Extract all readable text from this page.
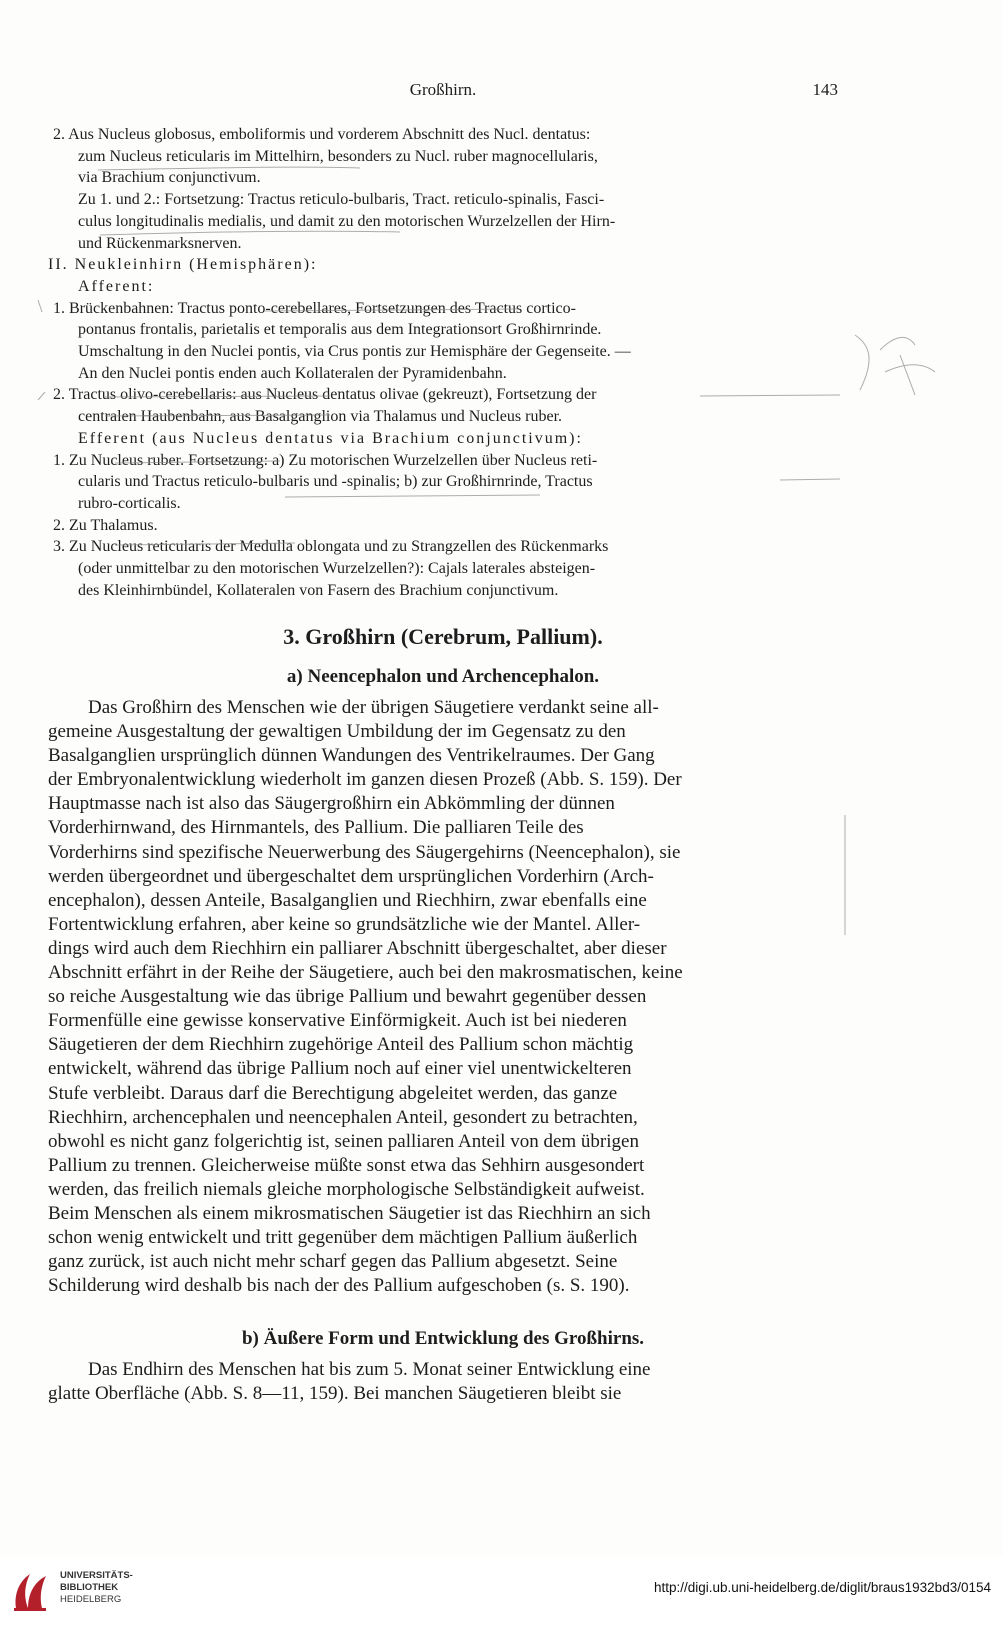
Großhirn.	143
2. Aus Nucleus globosus, emboliformis und vorderem Abschnitt des Nucl. dentatus:
zum Nucleus reticularis im Mittelhirn, besonders zu Nucl. ruber magnocellularis,
via Brachium conjunctivum.
Zu 1. und 2.: Fortsetzung: Tractus reticulo-bulbaris, Tract. reticulo-spinalis, Fasci-
culus longitudinalis medialis, und damit zu den motorischen Wurzelzellen der Hirn-
und Rückenmarksnerven.
II. Neukleinhirn (Hemisphären):
Afferent:
1. Brückenbahnen: Tractus ponto-cerebellares, Fortsetzungen des Tractus cortico-
pontanus frontalis, parietalis et temporalis aus dem Integrationsort Großhirnrinde.
Umschaltung in den Nuclei pontis, via Crus pontis zur Hemisphäre der Gegenseite. —
An den Nuclei pontis enden auch Kollateralen der Pyramidenbahn.
2. Tractus olivo-cerebellaris: aus Nucleus dentatus olivae (gekreuzt), Fortsetzung der
centralen Haubenbahn, aus Basalganglion via Thalamus und Nucleus ruber.
Efferent (aus Nucleus dentatus via Brachium conjunctivum):
1. Zu Nucleus ruber. Fortsetzung: a) Zu motorischen Wurzelzellen über Nucleus reti-
cularis und Tractus reticulo-bulbaris und -spinalis; b) zur Großhirnrinde, Tractus
rubro-corticalis.
2. Zu Thalamus.
3. Zu Nucleus reticularis der Medulla oblongata und zu Strangzellen des Rückenmarks
(oder unmittelbar zu den motorischen Wurzelzellen?): Cajals laterales absteigen-
des Kleinhirnbündel, Kollateralen von Fasern des Brachium conjunctivum.
3. Großhirn (Cerebrum, Pallium).
a) Neencephalon und Archencephalon.
Das Großhirn des Menschen wie der übrigen Säugetiere verdankt seine all-
gemeine Ausgestaltung der gewaltigen Umbildung der im Gegensatz zu den
Basalganglien ursprünglich dünnen Wandungen des Ventrikelraumes. Der Gang
der Embryonalentwicklung wiederholt im ganzen diesen Prozeß (Abb. S. 159). Der
Hauptmasse nach ist also das Säugergroßhirn ein Abkömmling der dünnen
Vorderhirnwand, des Hirnmantels, des Pallium. Die palliaren Teile des
Vorderhirns sind spezifische Neuerwerbung des Säugergehirns (Neencephalon), sie
werden übergeordnet und übergeschaltet dem ursprünglichen Vorderhirn (Arch-
encephalon), dessen Anteile, Basalganglien und Riechhirn, zwar ebenfalls eine
Fortentwicklung erfahren, aber keine so grundsätzliche wie der Mantel. Aller-
dings wird auch dem Riechhirn ein palliarer Abschnitt übergeschaltet, aber dieser
Abschnitt erfährt in der Reihe der Säugetiere, auch bei den makrosmatischen, keine
so reiche Ausgestaltung wie das übrige Pallium und bewahrt gegenüber dessen
Formenfülle eine gewisse konservative Einförmigkeit. Auch ist bei niederen
Säugetieren der dem Riechhirn zugehörige Anteil des Pallium schon mächtig
entwickelt, während das übrige Pallium noch auf einer viel unentwickelteren
Stufe verbleibt. Daraus darf die Berechtigung abgeleitet werden, das ganze
Riechhirn, archencephalen und neencephalen Anteil, gesondert zu betrachten,
obwohl es nicht ganz folgerichtig ist, seinen palliaren Anteil von dem übrigen
Pallium zu trennen. Gleicherweise müßte sonst etwa das Sehhirn ausgesondert
werden, das freilich niemals gleiche morphologische Selbständigkeit aufweist.
Beim Menschen als einem mikrosmatischen Säugetier ist das Riechhirn an sich
schon wenig entwickelt und tritt gegenüber dem mächtigen Pallium äußerlich
ganz zurück, ist auch nicht mehr scharf gegen das Pallium abgesetzt. Seine
Schilderung wird deshalb bis nach der des Pallium aufgeschoben (s. S. 190).
b) Äußere Form und Entwicklung des Großhirns.
Das Endhirn des Menschen hat bis zum 5. Monat seiner Entwicklung eine
glatte Oberfläche (Abb. S. 8—11, 159). Bei manchen Säugetieren bleibt sie
UNIVERSITÄTS-
BIBLIOTHEK
HEIDELBERG
http://digi.ub.uni-heidelberg.de/diglit/braus1932bd3/0154
